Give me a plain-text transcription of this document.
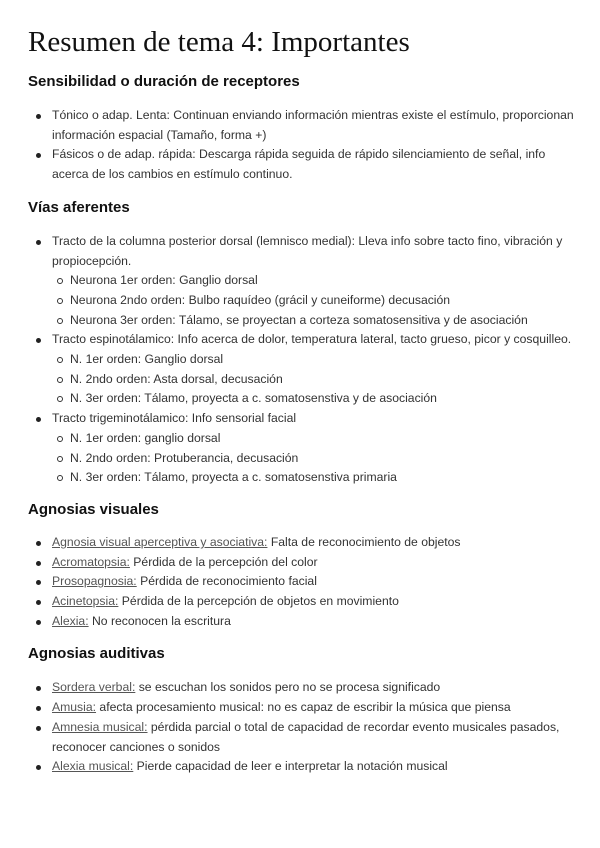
Resumen de tema 4: Importantes
Sensibilidad o duración de receptores
Tónico o adap. Lenta: Continuan enviando información mientras existe el estímulo, proporcionan información espacial (Tamaño, forma +)
Fásicos o de adap. rápida: Descarga rápida seguida de rápido silenciamiento de señal, info acerca de los cambios en estímulo continuo.
Vías aferentes
Tracto de la columna posterior dorsal (lemnisco medial): Lleva info sobre tacto fino, vibración y propiocepción.
Neurona 1er orden: Ganglio dorsal
Neurona 2ndo orden: Bulbo raquídeo (grácil y cuneiforme) decusación
Neurona 3er orden: Tálamo, se proyectan a corteza somatosensitiva y de asociación
Tracto espinotálamico: Info acerca de dolor, temperatura lateral, tacto grueso, picor y cosquilleo.
N. 1er orden: Ganglio dorsal
N. 2ndo orden: Asta dorsal, decusación
N. 3er orden: Tálamo, proyecta a c. somatosenstiva y de asociación
Tracto trigeminotálamico: Info sensorial facial
N. 1er orden: ganglio dorsal
N. 2ndo orden: Protuberancia, decusación
N. 3er orden: Tálamo, proyecta a c. somatosenstiva primaria
Agnosias visuales
Agnosia visual aperceptiva y asociativa: Falta de reconocimiento de objetos
Acromatopsia: Pérdida de la percepción del color
Prosopagnosia: Pérdida de reconocimiento facial
Acinetopsia: Pérdida de la percepción de objetos en movimiento
Alexia: No reconocen la escritura
Agnosias auditivas
Sordera verbal: se escuchan los sonidos pero no se procesa significado
Amusia: afecta procesamiento musical: no es capaz de escribir la música que piensa
Amnesia musical: pérdida parcial o total de capacidad de recordar evento musicales pasados, reconocer canciones o sonidos
Alexia musical: Pierde capacidad de leer e interpretar la notación musical
